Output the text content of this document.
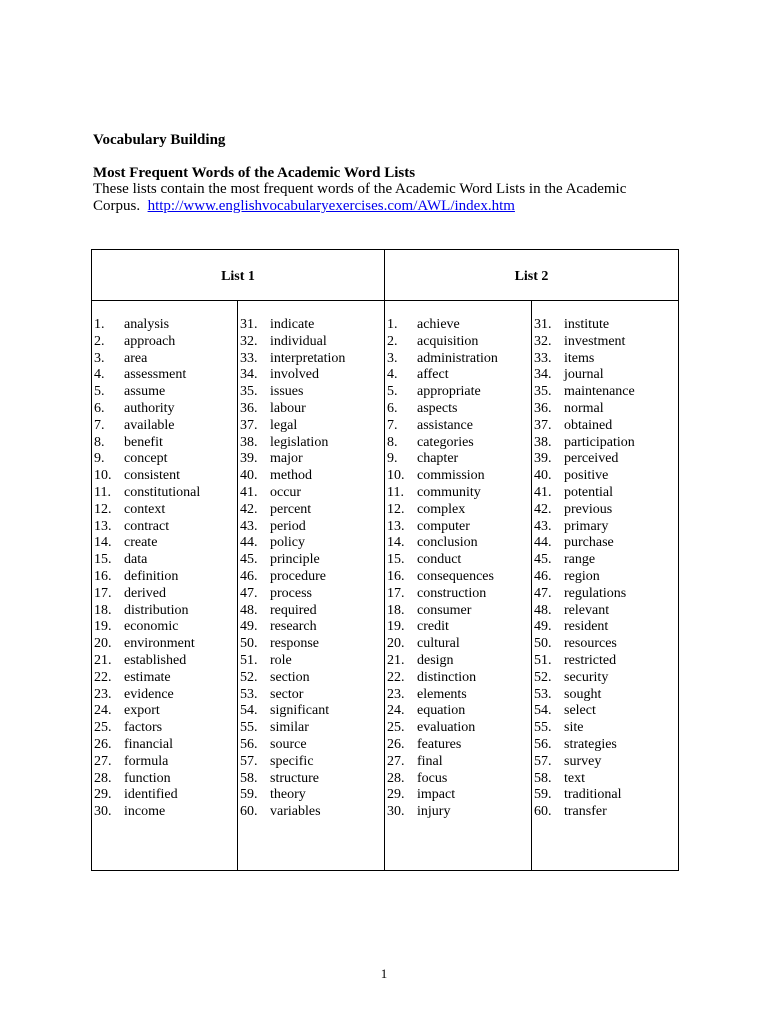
Vocabulary Building
Most Frequent Words of the Academic Word Lists
These lists contain the most frequent words of the Academic Word Lists in the Academic
Corpus. http://www.englishvocabularyexercises.com/AWL/index.htm
List 1	List 2
1. analysis
2. approach
3. area
4. assessment
5. assume
6. authority
7. available
8. benefit
9. concept
10. consistent
11. constitutional
12. context
13. contract
14. create
15. data
16. definition
17. derived
18. distribution
19. economic
20. environment
21. established
22. estimate
23. evidence
24. export
25. factors
26. financial
27. formula
28. function
29. identified
30. income
31. indicate
32. individual
33. interpretation
34. involved
35. issues
36. labour
37. legal
38. legislation
39. major
40. method
41. occur
42. percent
43. period
44. policy
45. principle
46. procedure
47. process
48. required
49. research
50. response
51. role
52. section
53. sector
54. significant
55. similar
56. source
57. specific
58. structure
59. theory
60. variables
1. achieve
2. acquisition
3. administration
4. affect
5. appropriate
6. aspects
7. assistance
8. categories
9. chapter
10. commission
11. community
12. complex
13. computer
14. conclusion
15. conduct
16. consequences
17. construction
18. consumer
19. credit
20. cultural
21. design
22. distinction
23. elements
24. equation
25. evaluation
26. features
27. final
28. focus
29. impact
30. injury
31. institute
32. investment
33. items
34. journal
35. maintenance
36. normal
37. obtained
38. participation
39. perceived
40. positive
41. potential
42. previous
43. primary
44. purchase
45. range
46. region
47. regulations
48. relevant
49. resident
50. resources
51. restricted
52. security
53. sought
54. select
55. site
56. strategies
57. survey
58. text
59. traditional
60. transfer
1
